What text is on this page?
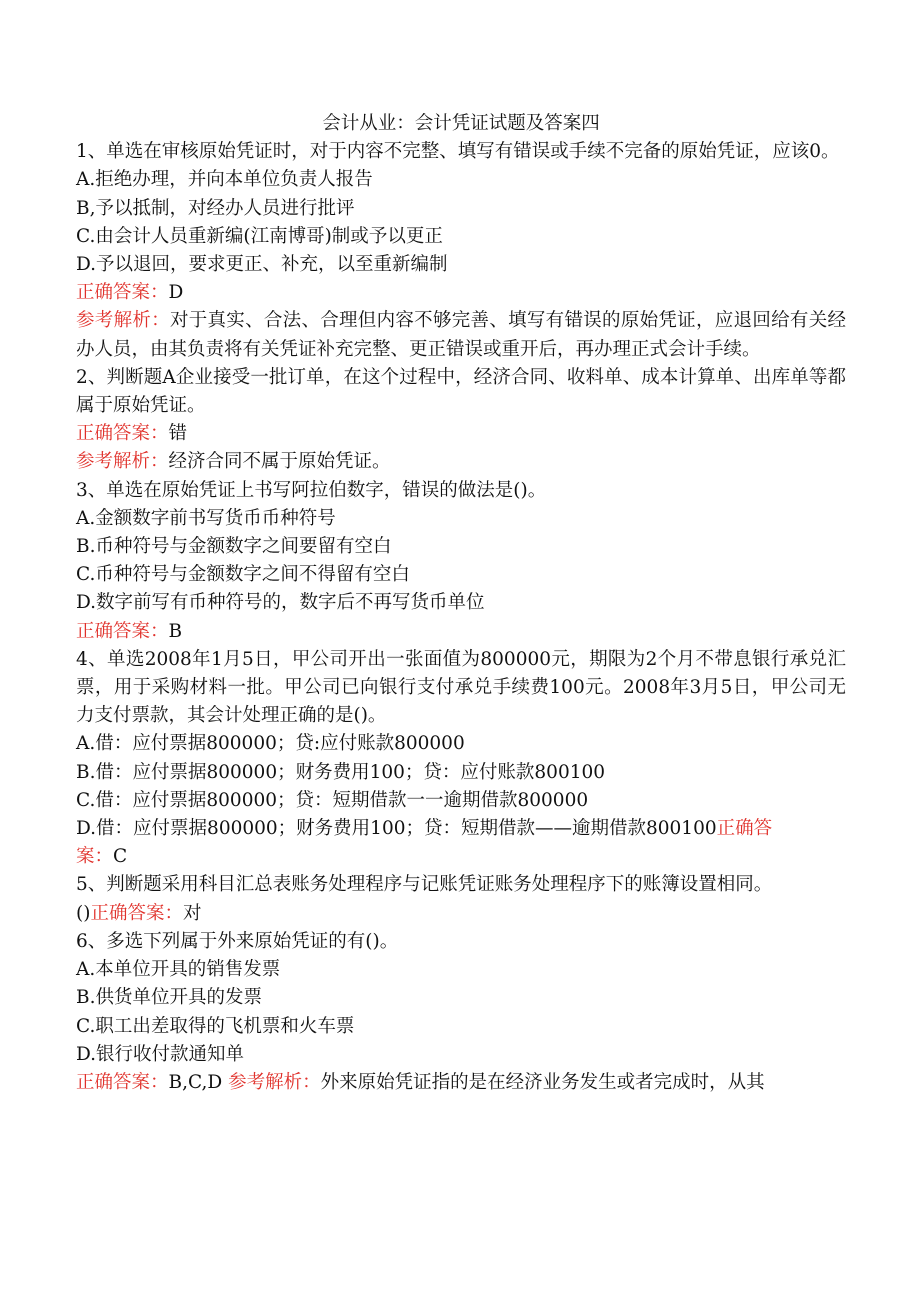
会计从业：会计凭证试题及答案四

1、单选在审核原始凭证时，对于内容不完整、填写有错误或手续不完备的原始凭证，应该0。

A.拒绝办理，并向本单位负责人报告

B,予以抵制，对经办人员进行批评

C.由会计人员重新编(江南博哥)制或予以更正

D.予以退回，要求更正、补充，以至重新编制

正确答案：D

参考解析：对于真实、合法、合理但内容不够完善、填写有错误的原始凭证，应退回给有关经办人员，由其负责将有关凭证补充完整、更正错误或重开后，再办理正式会计手续。

2、判断题A企业接受一批订单，在这个过程中，经济合同、收料单、成本计算单、出库单等都属于原始凭证。

正确答案：错

参考解析：经济合同不属于原始凭证。

3、单选在原始凭证上书写阿拉伯数字，错误的做法是()。

A.金额数字前书写货币币种符号

B.币种符号与金额数字之间要留有空白

C.币种符号与金额数字之间不得留有空白

D.数字前写有币种符号的，数字后不再写货币单位

正确答案：B

4、单选2008年1月5日，甲公司开出一张面值为800000元，期限为2个月不带息银行承兑汇票，用于采购材料一批。甲公司已向银行支付承兑手续费100元。2008年3月5日，甲公司无力支付票款，其会计处理正确的是()。

A.借：应付票据800000；贷:应付账款800000

B.借：应付票据800000；财务费用100；贷：应付账款800100

C.借：应付票据800000；贷：短期借款一一逾期借款800000

D.借：应付票据800000；财务费用100；贷：短期借款——逾期借款800100正确答
案：C

5、判断题采用科目汇总表账务处理程序与记账凭证账务处理程序下的账簿设置相同。

()正确答案：对

6、多选下列属于外来原始凭证的有()。

A.本单位开具的销售发票

B.供货单位开具的发票

C.职工出差取得的飞机票和火车票

D.银行收付款通知单

正确答案：B,C,D 参考解析：外来原始凭证指的是在经济业务发生或者完成时，从其
